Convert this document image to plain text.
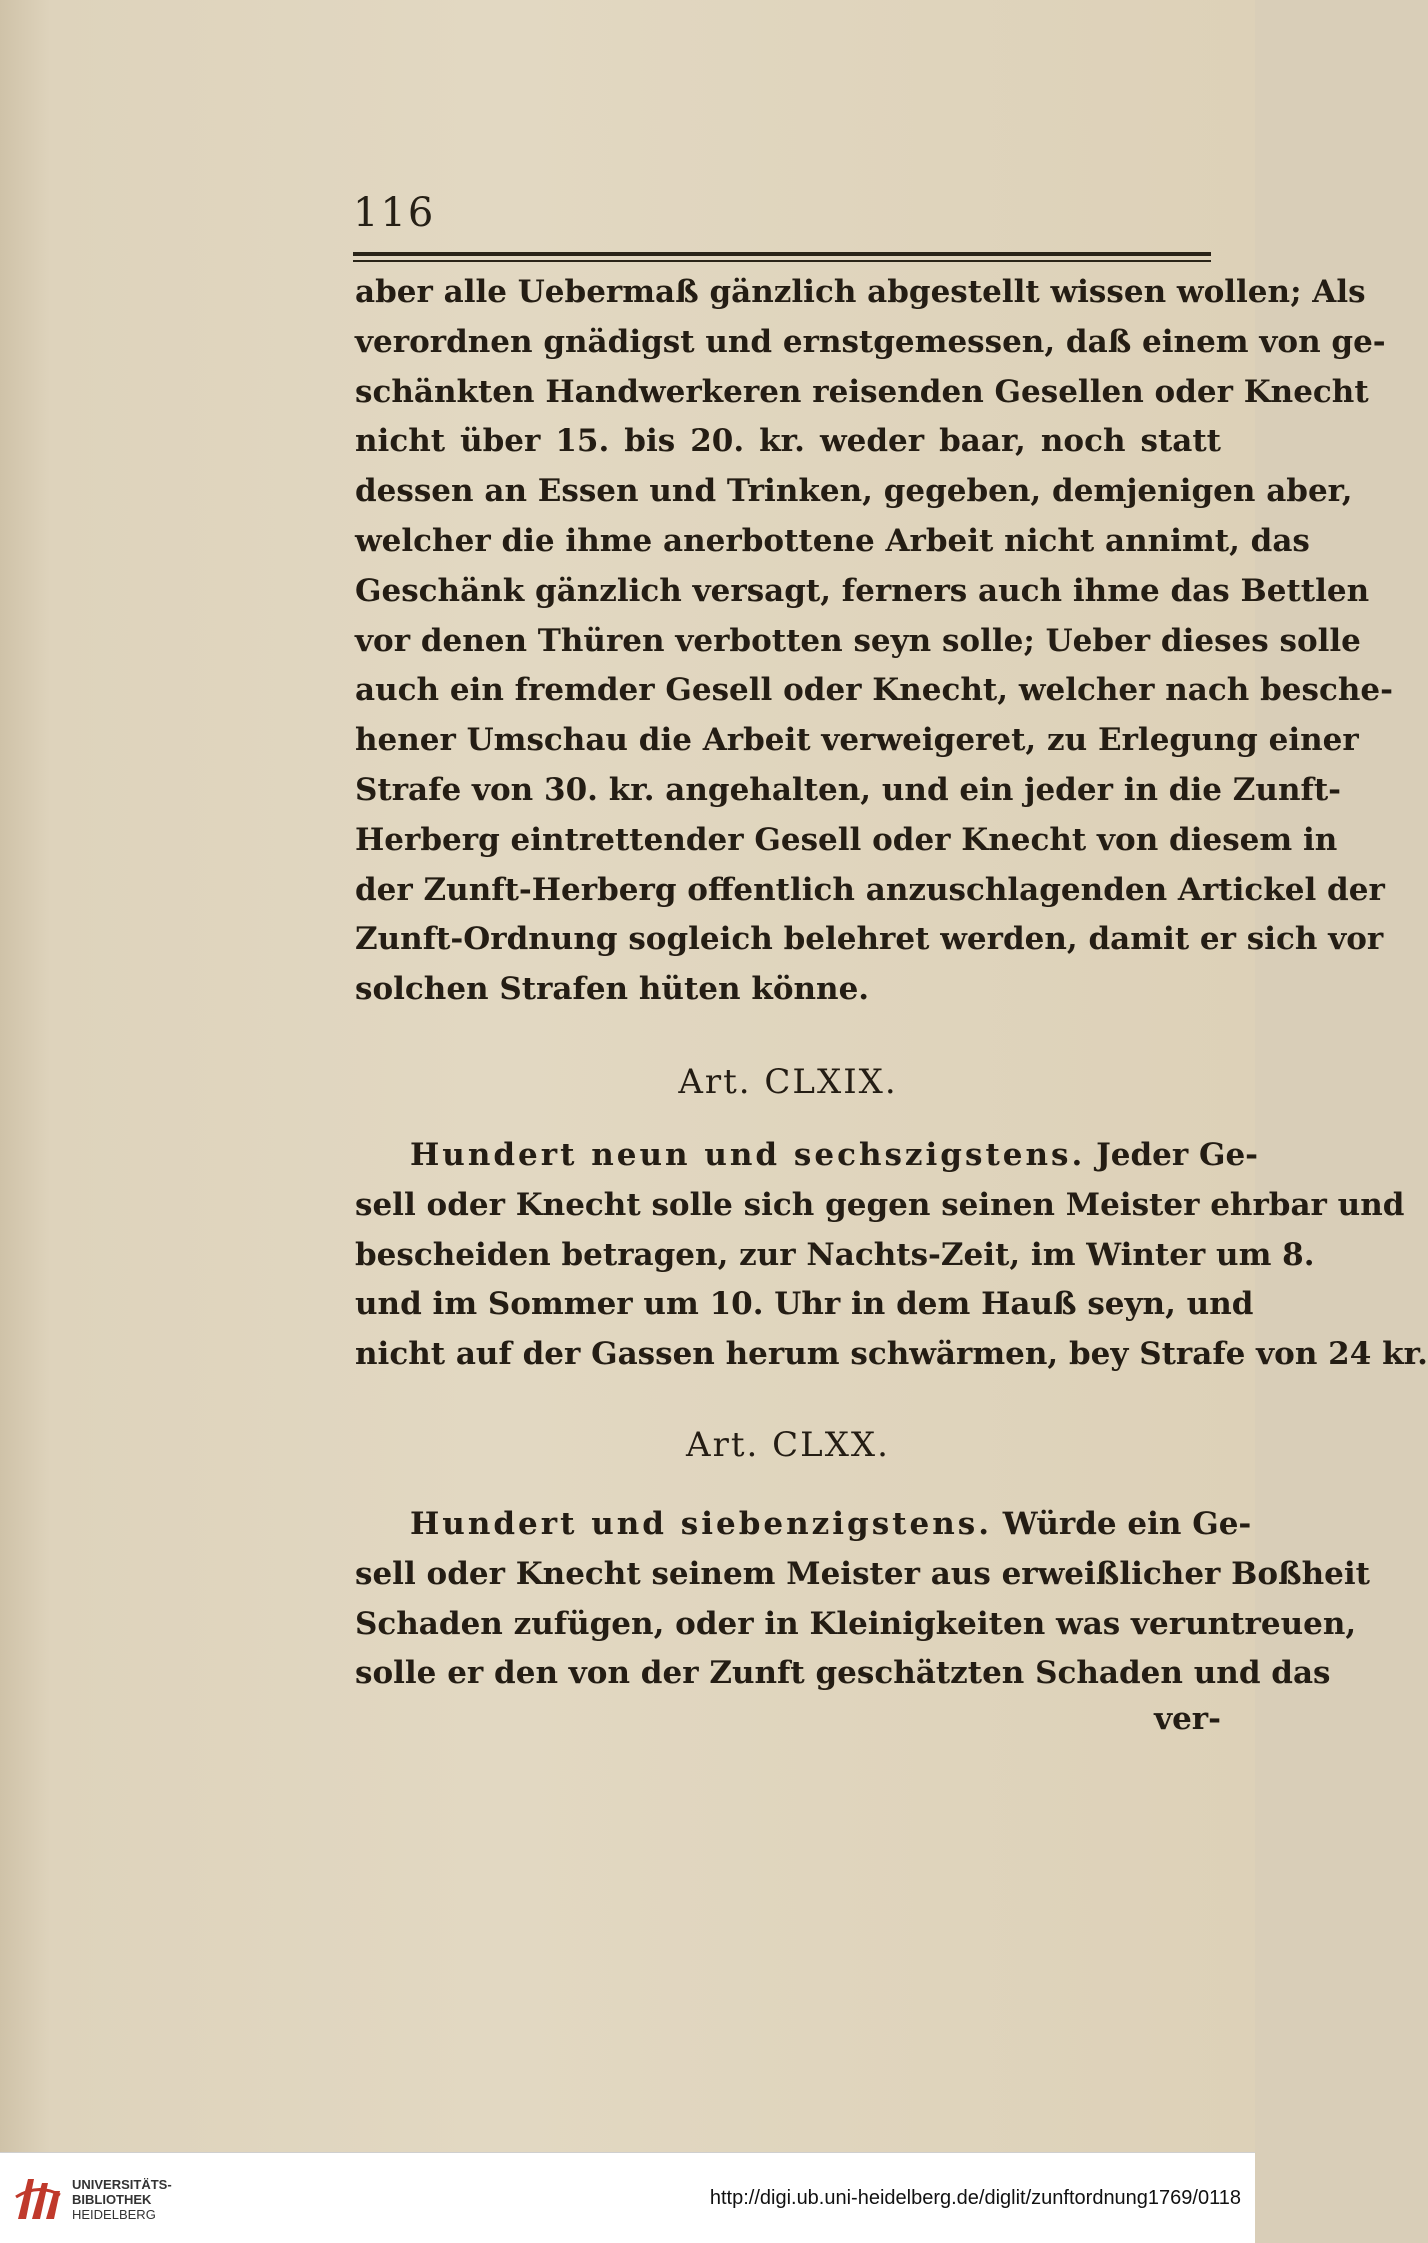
116
aber alle Uebermaß gänzlich abgestellt wissen wollen; Als
verordnen gnädigst und ernstgemessen, daß einem von ge-
schänkten Handwerkeren reisenden Gesellen oder Knecht
nicht über 15. bis 20. kr. weder baar, noch statt
dessen an Essen und Trinken, gegeben, demjenigen aber,
welcher die ihme anerbottene Arbeit nicht annimt, das
Geschänk gänzlich versagt, ferners auch ihme das Bettlen
vor denen Thüren verbotten seyn solle; Ueber dieses solle
auch ein fremder Gesell oder Knecht, welcher nach besche-
hener Umschau die Arbeit verweigeret, zu Erlegung einer
Strafe von 30. kr. angehalten, und ein jeder in die Zunft-
Herberg eintrettender Gesell oder Knecht von diesem in
der Zunft-Herberg offentlich anzuschlagenden Artickel der
Zunft-Ordnung sogleich belehret werden, damit er sich vor
solchen Strafen hüten könne.
Art. CLXIX.
Hundert neun und sechszigstens. Jeder Ge-
sell oder Knecht solle sich gegen seinen Meister ehrbar und
bescheiden betragen, zur Nachts-Zeit, im Winter um 8.
und im Sommer um 10. Uhr in dem Hauß seyn, und
nicht auf der Gassen herum schwärmen, bey Strafe von 24 kr.
Art. CLXX.
Hundert und siebenzigstens. Würde ein Ge-
sell oder Knecht seinem Meister aus erweißlicher Boßheit
Schaden zufügen, oder in Kleinigkeiten was veruntreuen,
solle er den von der Zunft geschätzten Schaden und das
ver-
UNIVERSITÄTS-
BIBLIOTHEK
HEIDELBERG
http://digi.ub.uni-heidelberg.de/diglit/zunftordnung1769/0118
